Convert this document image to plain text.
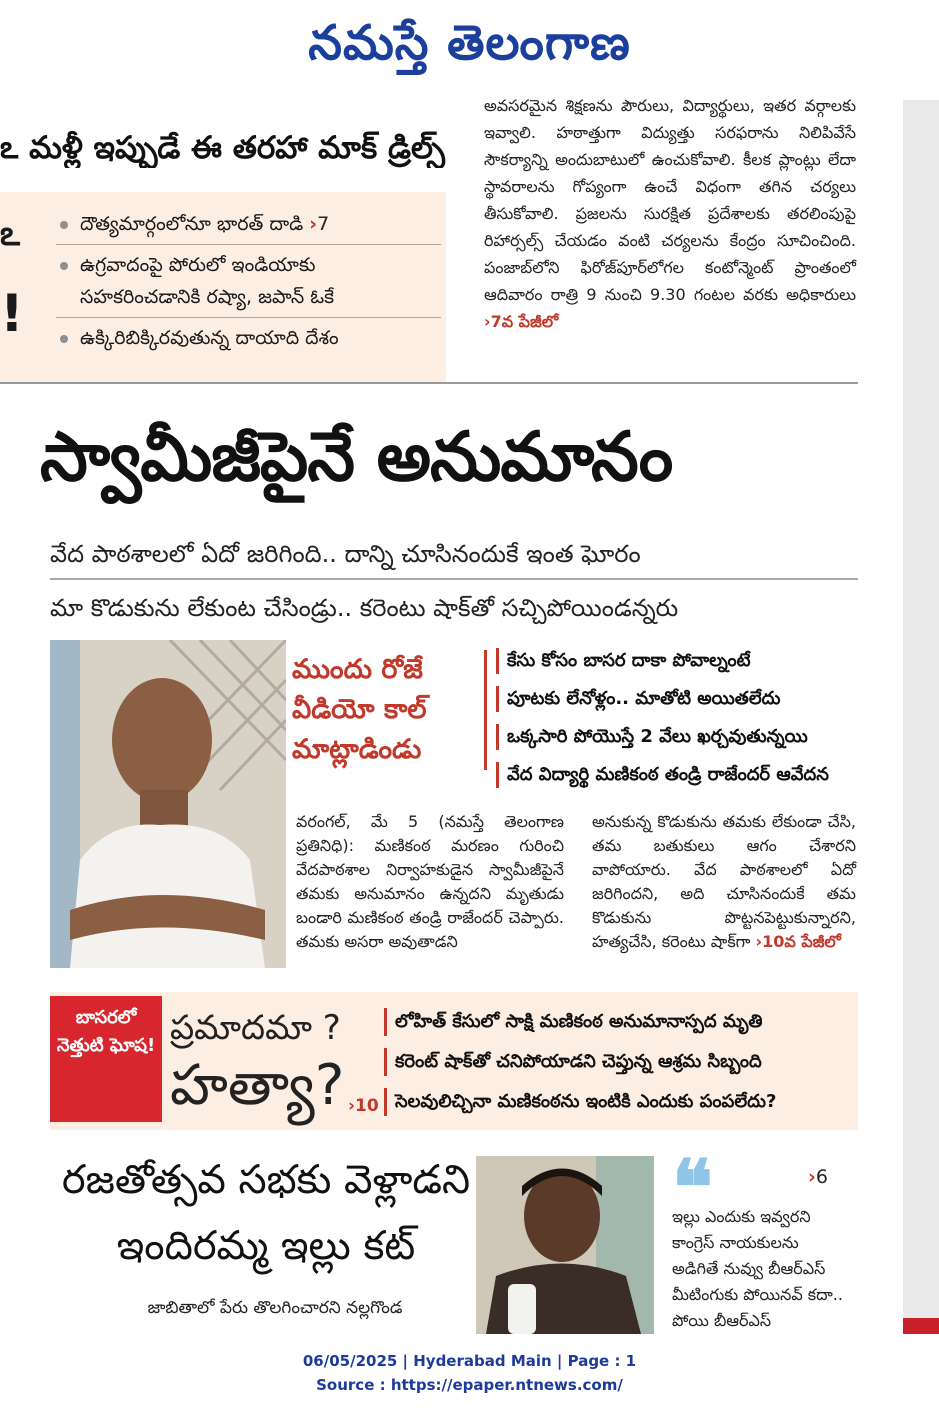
నమస్తే తెలంగాణ
ఽ మళ్లీ ఇప్పుడే ఈ తరహా మాక్ డ్రిల్స్
ఽ
!
దౌత్యమార్గంలోనూ భారత్ దాడి ›7
ఉగ్రవాదంపై పోరులో ఇండియాకు సహకరించడానికి రష్యా, జపాన్ ఓకే
ఉక్కిరిబిక్కిరవుతున్న దాయాది దేశం
అవసరమైన శిక్షణను పౌరులు, విద్యార్థులు, ఇతర వర్గాలకు ఇవ్వాలి. హఠాత్తుగా విద్యుత్తు సరఫరాను నిలిపివేసే సౌకర్యాన్ని అందుబాటులో ఉంచుకోవాలి. కీలక ప్లాంట్లు లేదా స్థావరాలను గోప్యంగా ఉంచే విధంగా తగిన చర్యలు తీసుకోవాలి. ప్రజలను సురక్షిత ప్రదేశాలకు తరలింపుపై రిహార్సల్స్ చేయడం వంటి చర్యలను కేంద్రం సూచించింది. పంజాబ్‌లోని ఫిరోజ్‌పూర్‌లోగల కంటోన్మెంట్ ప్రాంతంలో ఆదివారం రాత్రి 9 నుంచి 9.30 గంటల వరకు అధికారులు ›7వ పేజీలో
స్వామీజీపైనే అనుమానం
వేద పాఠశాలలో ఏదో జరిగింది.. దాన్ని చూసినందుకే ఇంత ఘోరం
మా కొడుకును లేకుంట చేసిండ్రు.. కరెంటు షాక్‌తో సచ్చిపోయిండన్నరు
ముందు రోజే వీడియో కాల్ మాట్లాడిండు
కేసు కోసం బాసర దాకా పోవాల్నంటే
పూటకు లేనోళ్లం.. మాతోటి అయితలేదు
ఒక్కసారి పోయొస్తే 2 వేలు ఖర్చవుతున్నయి
వేద విద్యార్థి మణికంఠ తండ్రి రాజేందర్ ఆవేదన
వరంగల్, మే 5 (నమస్తే తెలంగాణ ప్రతినిధి): మణికంఠ మరణం గురించి వేదపాఠశాల నిర్వాహకుడైన స్వామీజీపైనే తమకు అనుమానం ఉన్నదని మృతుడు బండారి మణికంఠ తండ్రి రాజేందర్ చెప్పారు. తమకు అసరా అవుతాడని
అనుకున్న కొడుకును తమకు లేకుండా చేసి, తమ బతుకులు ఆగం చేశారని వాపోయారు. వేద పాఠశాలలో ఏదో జరిగిందని, అది చూసినందుకే తమ కొడుకును పొట్టనపెట్టుకున్నారని, హత్యచేసి, కరెంటు షాక్‌గా ›10వ పేజీలో
బాసరలో నెత్తుటి ఘోష! ప్రమాదమా ?
హత్యా? ›10
లోహిత్ కేసులో సాక్షి మణికంఠ అనుమానాస్పద మృతి
కరెంట్ షాక్‌తో చనిపోయాడని చెప్తున్న ఆశ్రమ సిబ్బంది
సెలవులిచ్చినా మణికంఠను ఇంటికి ఎందుకు పంపలేదు?
రజతోత్సవ సభకు వెళ్లాడని
ఇందిరమ్మ ఇల్లు కట్
జాబితాలో పేరు తొలగించారని నల్లగొండ
❝	›6
ఇల్లు ఎందుకు ఇవ్వరని కాంగ్రెస్ నాయకులను అడిగితే నువ్వు బీఆర్ఎస్ మీటింగుకు పోయినవ్ కదా.. పోయి బీఆర్ఎస్
06/05/2025 | Hyderabad Main | Page : 1
Source : https://epaper.ntnews.com/
